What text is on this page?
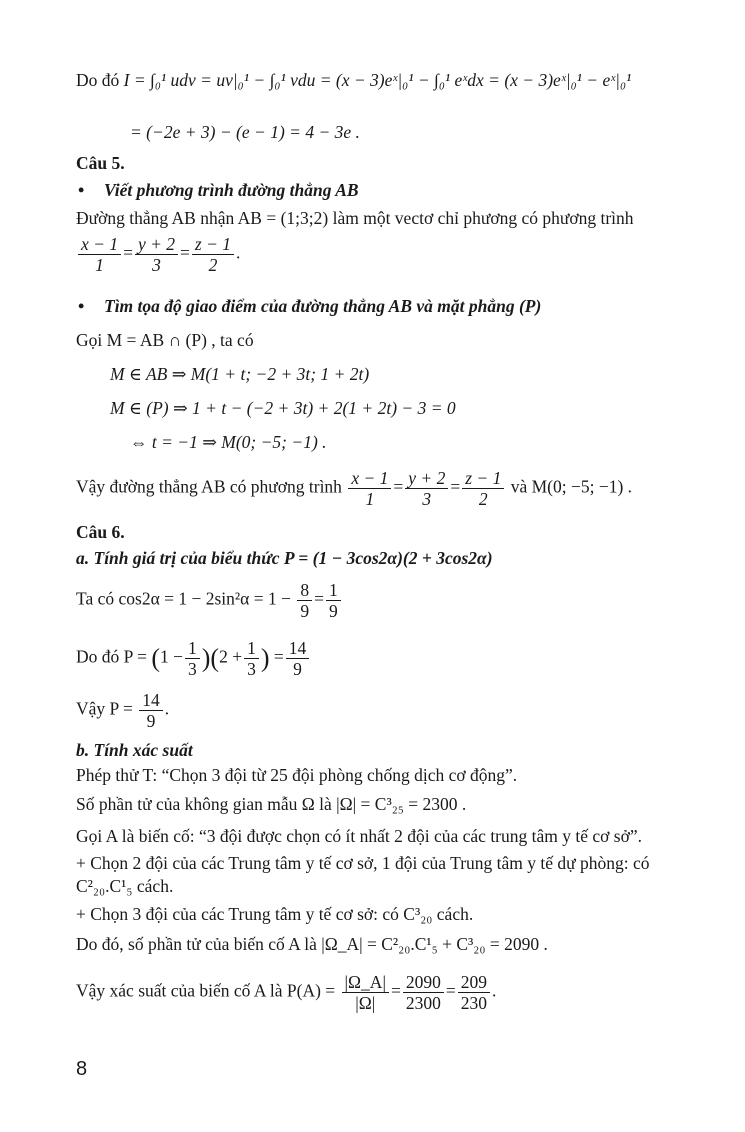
Do đó I = ∫₀¹ udv = uv|₀¹ − ∫₀¹ vdu = (x − 3)eˣ|₀¹ − ∫₀¹ eˣdx = (x − 3)eˣ|₀¹ − eˣ|₀¹
= (−2e + 3) − (e − 1) = 4 − 3e .
Câu 5.
• Viết phương trình đường thẳng AB
Đường thẳng AB nhận AB = (1;3;2) làm một vectơ chỉ phương có phương trình
$\frac{x - 1}{1} = \frac{y + 2}{3} = \frac{z - 1}{2}$ .
• Tìm tọa độ giao điểm của đường thẳng AB và mặt phẳng (P)
Gọi M = AB ∩ (P) , ta có
M ∈ AB ⇒ M(1 + t; −2 + 3t; 1 + 2t)
M ∈ (P) ⇒ 1 + t − (−2 + 3t) + 2(1 + 2t) − 3 = 0
⇔ t = −1 ⇒ M(0; −5; −1) .
Vậy đường thẳng AB có phương trình $\frac{x - 1}{1} = \frac{y + 2}{3} = \frac{z - 1}{2}$ và M(0; −5; −1) .
Câu 6.
a. Tính giá trị của biểu thức P = (1 − 3cos2α)(2 + 3cos2α)
Ta có $\cos 2\alpha = 1 - 2\sin^2\alpha = 1 - \frac{8}{9} = \frac{1}{9}$
Do đó $P = (1 - \frac{1}{3} )(2 + \frac{1}{3}$ ) = $\frac{14}{9}$
Vậy $P = \frac{14}{9}$ .
b. Tính xác suất
Phép thử T: “Chọn 3 đội từ 25 đội phòng chống dịch cơ động”.
Số phần tử của không gian mẫu Ω là |Ω| = C³₂₅ = 2300 .
Gọi A là biến cố: “3 đội được chọn có ít nhất 2 đội của các trung tâm y tế cơ sở”.
+ Chọn 2 đội của các Trung tâm y tế cơ sở, 1 đội của Trung tâm y tế dự phòng: có
C²₂₀.C¹₅ cách.
+ Chọn 3 đội của các Trung tâm y tế cơ sở: có C³₂₀ cách.
Do đó, số phần tử của biến cố A là |Ω_A| = C²₂₀.C¹₅ + C³₂₀ = 2090 .
Vậy xác suất của biến cố A là $P(A) = \frac{|\Omega\_A|}{|\Omega|} = \frac{2090}{2300} = \frac{209}{230}$ .
8
